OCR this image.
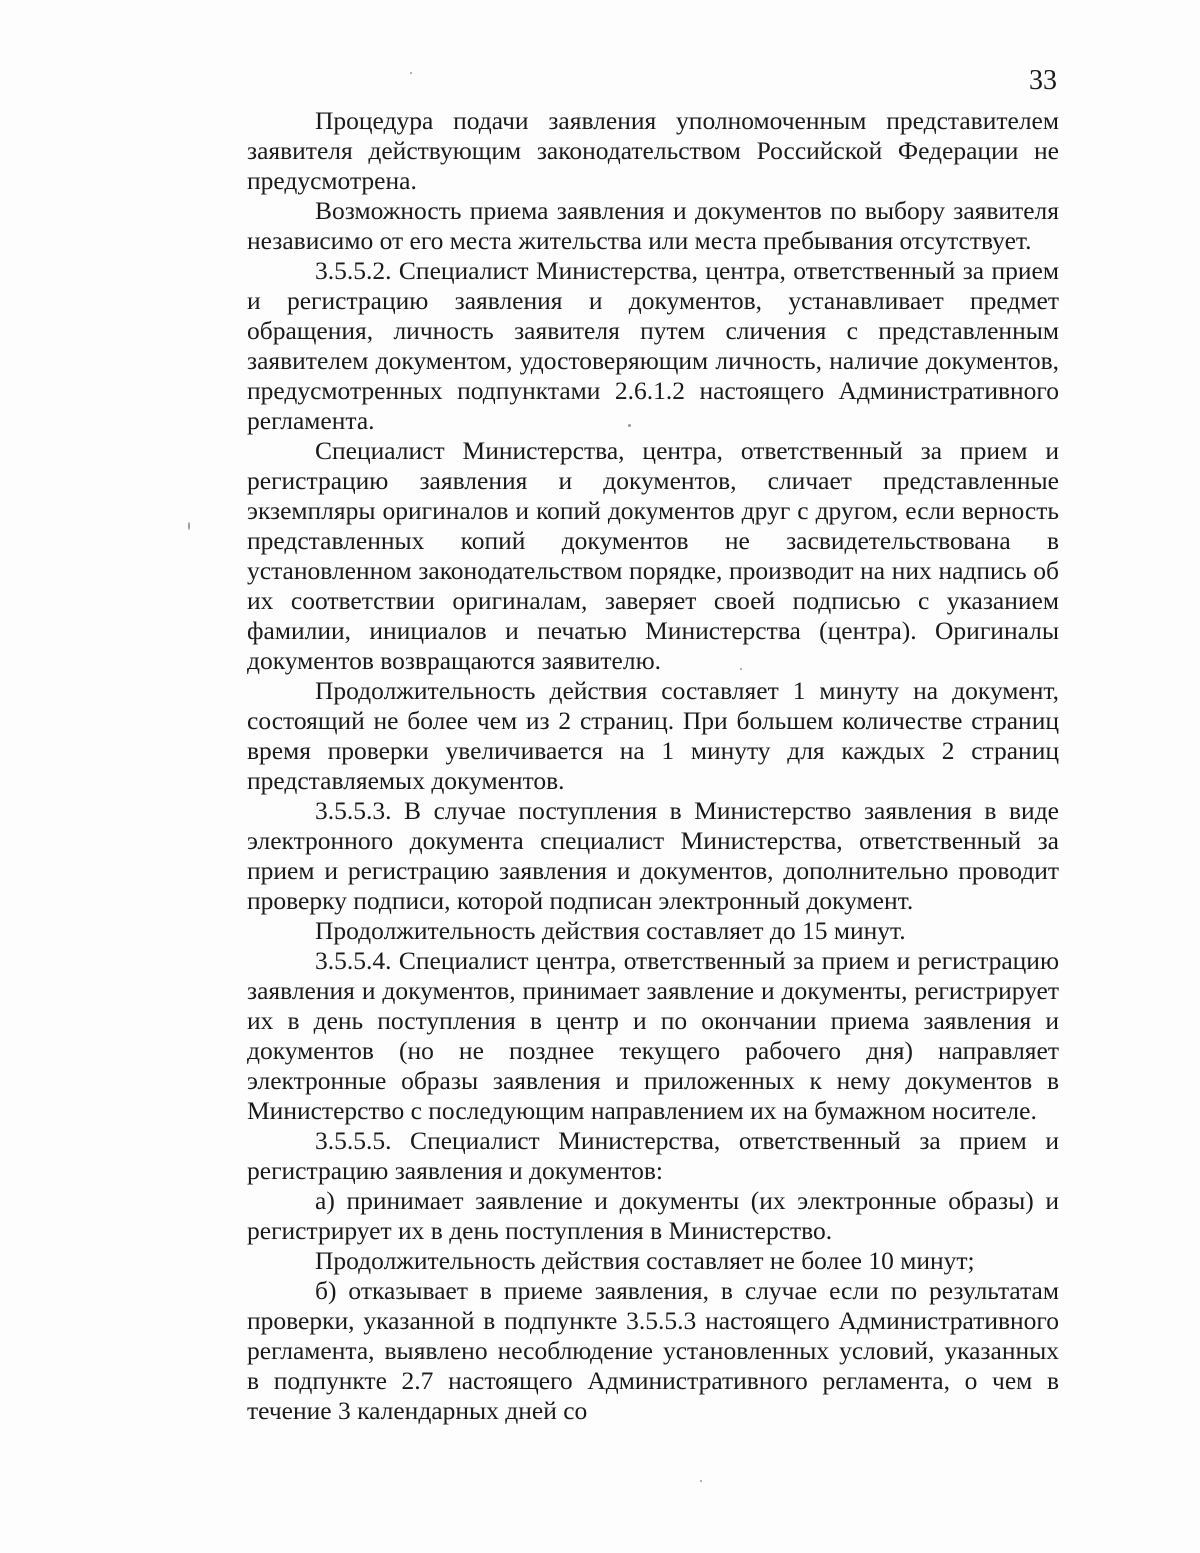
33

Процедура подачи заявления уполномоченным представителем заявителя действующим законодательством Российской Федерации не предусмотрена.

Возможность приема заявления и документов по выбору заявителя независимо от его места жительства или места пребывания отсутствует.

3.5.5.2. Специалист Министерства, центра, ответственный за прием и регистрацию заявления и документов, устанавливает предмет обращения, личность заявителя путем сличения с представленным заявителем документом, удостоверяющим личность, наличие документов, предусмотренных подпунктами 2.6.1.2 настоящего Административного регламента.

Специалист Министерства, центра, ответственный за прием и регистрацию заявления и документов, сличает представленные экземпляры оригиналов и копий документов друг с другом, если верность представленных копий документов не засвидетельствована в установленном законодательством порядке, производит на них надпись об их соответствии оригиналам, заверяет своей подписью с указанием фамилии, инициалов и печатью Министерства (центра). Оригиналы документов возвращаются заявителю.

Продолжительность действия составляет 1 минуту на документ, состоящий не более чем из 2 страниц. При большем количестве страниц время проверки увеличивается на 1 минуту для каждых 2 страниц представляемых документов.

3.5.5.3. В случае поступления в Министерство заявления в виде электронного документа специалист Министерства, ответственный за прием и регистрацию заявления и документов, дополнительно проводит проверку подписи, которой подписан электронный документ.

Продолжительность действия составляет до 15 минут.

3.5.5.4. Специалист центра, ответственный за прием и регистрацию заявления и документов, принимает заявление и документы, регистрирует их в день поступления в центр и по окончании приема заявления и документов (но не позднее текущего рабочего дня) направляет электронные образы заявления и приложенных к нему документов в Министерство с последующим направлением их на бумажном носителе.

3.5.5.5. Специалист Министерства, ответственный за прием и регистрацию заявления и документов:

а) принимает заявление и документы (их электронные образы) и регистрирует их в день поступления в Министерство.

Продолжительность действия составляет не более 10 минут;

б) отказывает в приеме заявления, в случае если по результатам проверки, указанной в подпункте 3.5.5.3 настоящего Административного регламента, выявлено несоблюдение установленных условий, указанных в подпункте 2.7 настоящего Административного регламента, о чем в течение 3 календарных дней со
